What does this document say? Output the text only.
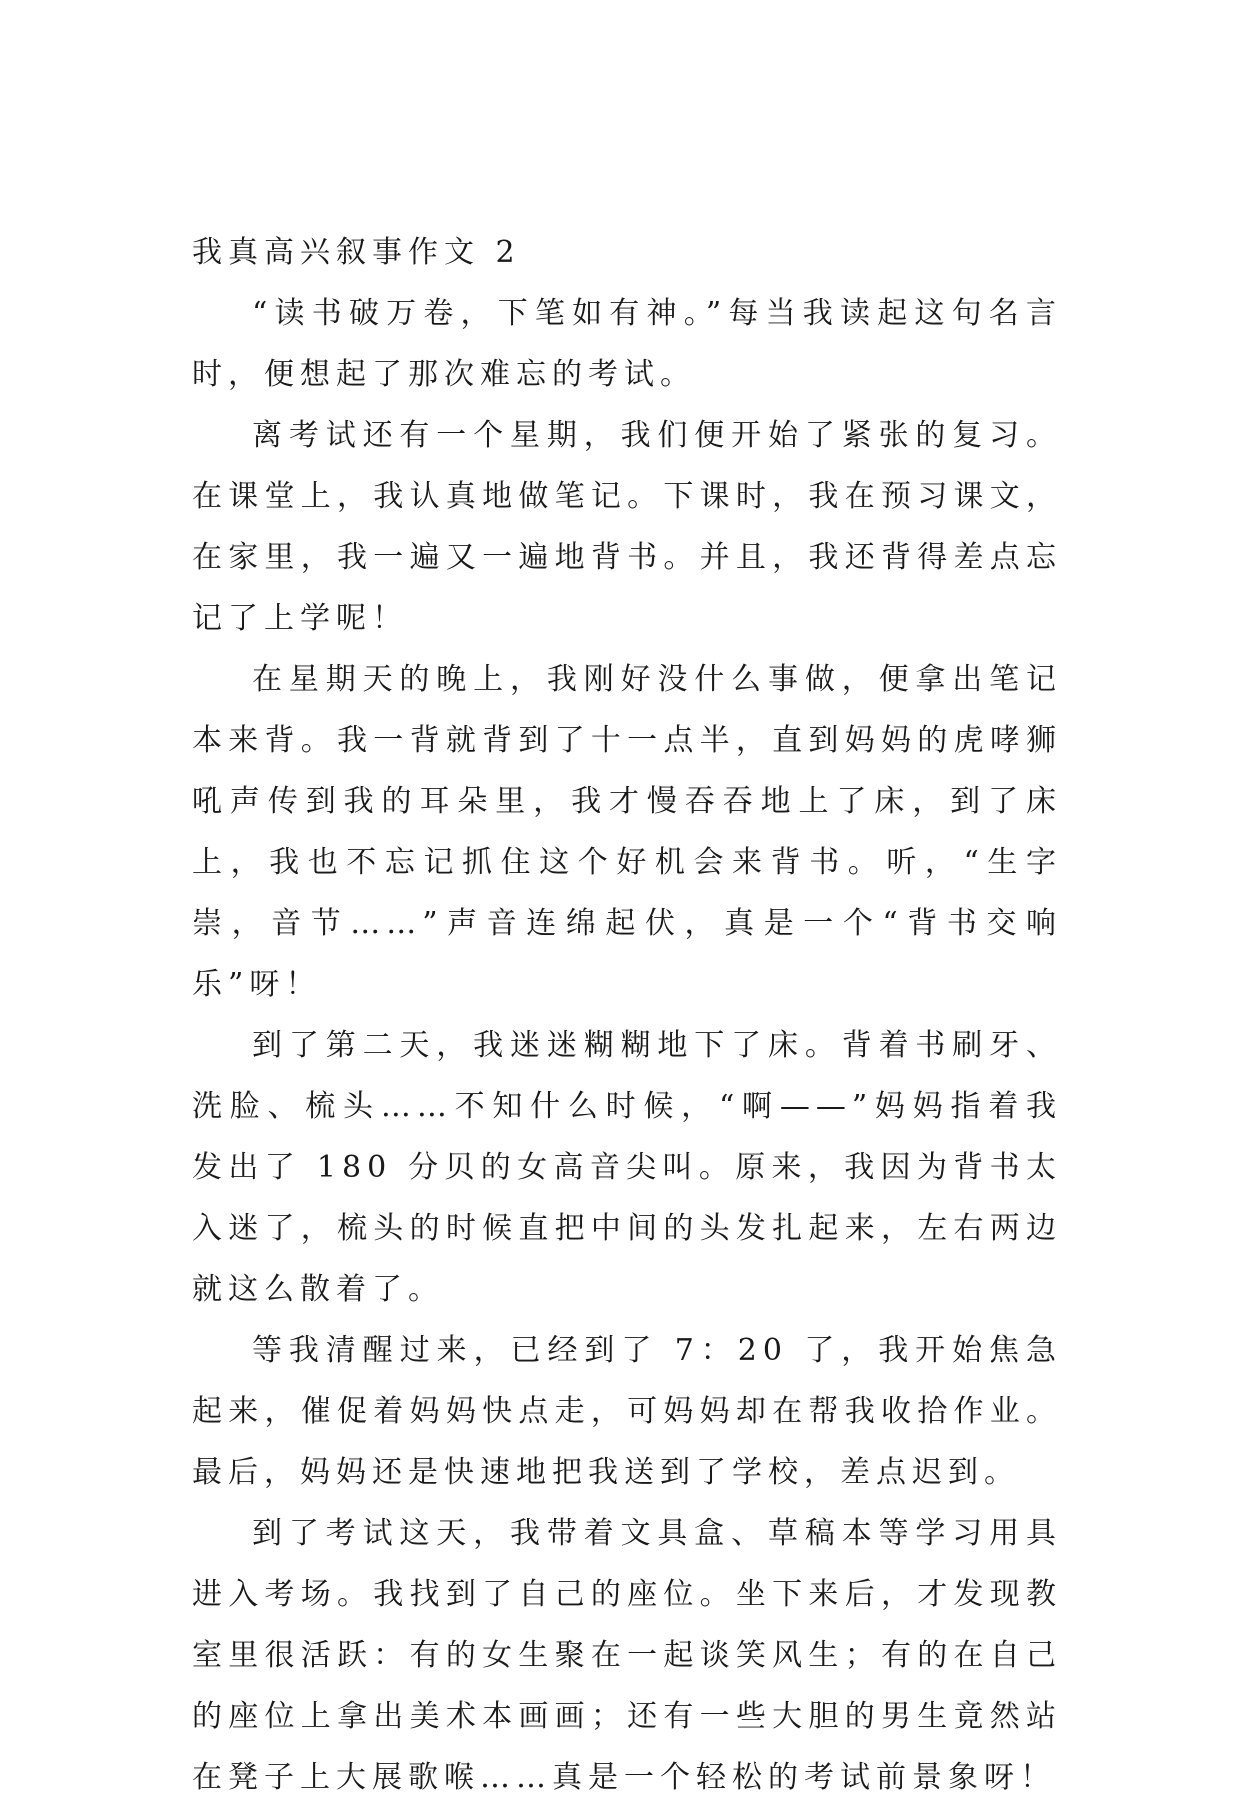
我真高兴叙事作文 2

“读书破万卷，下笔如有神。”每当我读起这句名言时，便想起了那次难忘的考试。

离考试还有一个星期，我们便开始了紧张的复习。在课堂上，我认真地做笔记。下课时，我在预习课文，在家里，我一遍又一遍地背书。并且，我还背得差点忘记了上学呢！

在星期天的晚上，我刚好没什么事做，便拿出笔记本来背。我一背就背到了十一点半，直到妈妈的虎哮狮吼声传到我的耳朵里，我才慢吞吞地上了床，到了床上，我也不忘记抓住这个好机会来背书。听，“生字崇，音节……”声音连绵起伏，真是一个“背书交响乐”呀！

到了第二天，我迷迷糊糊地下了床。背着书刷牙、洗脸、梳头……不知什么时候，“啊——”妈妈指着我发出了 180 分贝的女高音尖叫。原来，我因为背书太入迷了，梳头的时候直把中间的头发扎起来，左右两边就这么散着了。

等我清醒过来，已经到了 7：20 了，我开始焦急起来，催促着妈妈快点走，可妈妈却在帮我收拾作业。最后，妈妈还是快速地把我送到了学校，差点迟到。

到了考试这天，我带着文具盒、草稿本等学习用具进入考场。我找到了自己的座位。坐下来后，才发现教室里很活跃：有的女生聚在一起谈笑风生；有的在自己的座位上拿出美术本画画；还有一些大胆的男生竟然站在凳子上大展歌喉……真是一个轻松的考试前景象呀！
